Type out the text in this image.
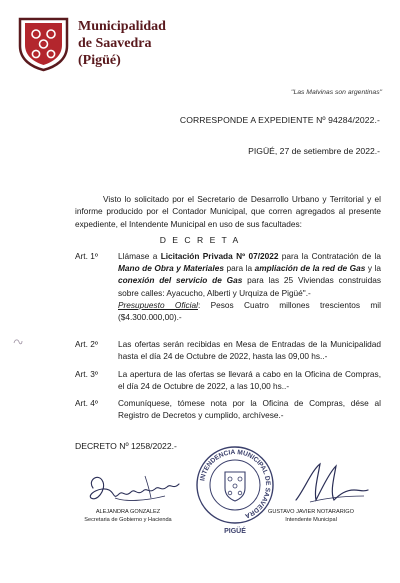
Municipalidad
de Saavedra
(Pigüé)
"Las Malvinas son argentinas"
CORRESPONDE A EXPEDIENTE Nº 94284/2022.-
PIGÜÉ, 27 de setiembre de 2022.-

Visto lo solicitado por el Secretario de Desarrollo Urbano y Territorial y el informe producido por el Contador Municipal, que corren agregados al presente expediente, el Intendente Municipal en uso de sus facultades:

D E C R E T A
Art. 1º	Llámase a Licitación Privada Nº 07/2022 para la Contratación de la Mano de Obra y Materiales para la ampliación de la red de Gas y la conexión del servicio de Gas para las 25 Viviendas construidas sobre calles: Ayacucho, Alberti y Urquiza de Pigüé".-

Presupuesto Oficial: Pesos Cuatro millones trescientos mil ($4.300.000,00).-

Art. 2º	Las ofertas serán recibidas en Mesa de Entradas de la Municipalidad hasta el día 24 de Octubre de 2022, hasta las 09,00 hs..-
Art. 3º	La apertura de las ofertas se llevará a cabo en la Oficina de Compras, el día 24 de Octubre de 2022, a las 10,00 hs..-
Art. 4º	Comuníquese, tómese nota por la Oficina de Compras, dése al Registro de Decretos y cumplido, archívese.-
DECRETO Nº 1258/2022.-
INTENDENCIA MUNICIPAL DE SAAVEDRA
PIGÜÉ
ALEJANDRA GONZALEZ
Secretaria de Gobierno y Hacienda
GUSTAVO JAVIER NOTARARIGO
Intendente Municipal
